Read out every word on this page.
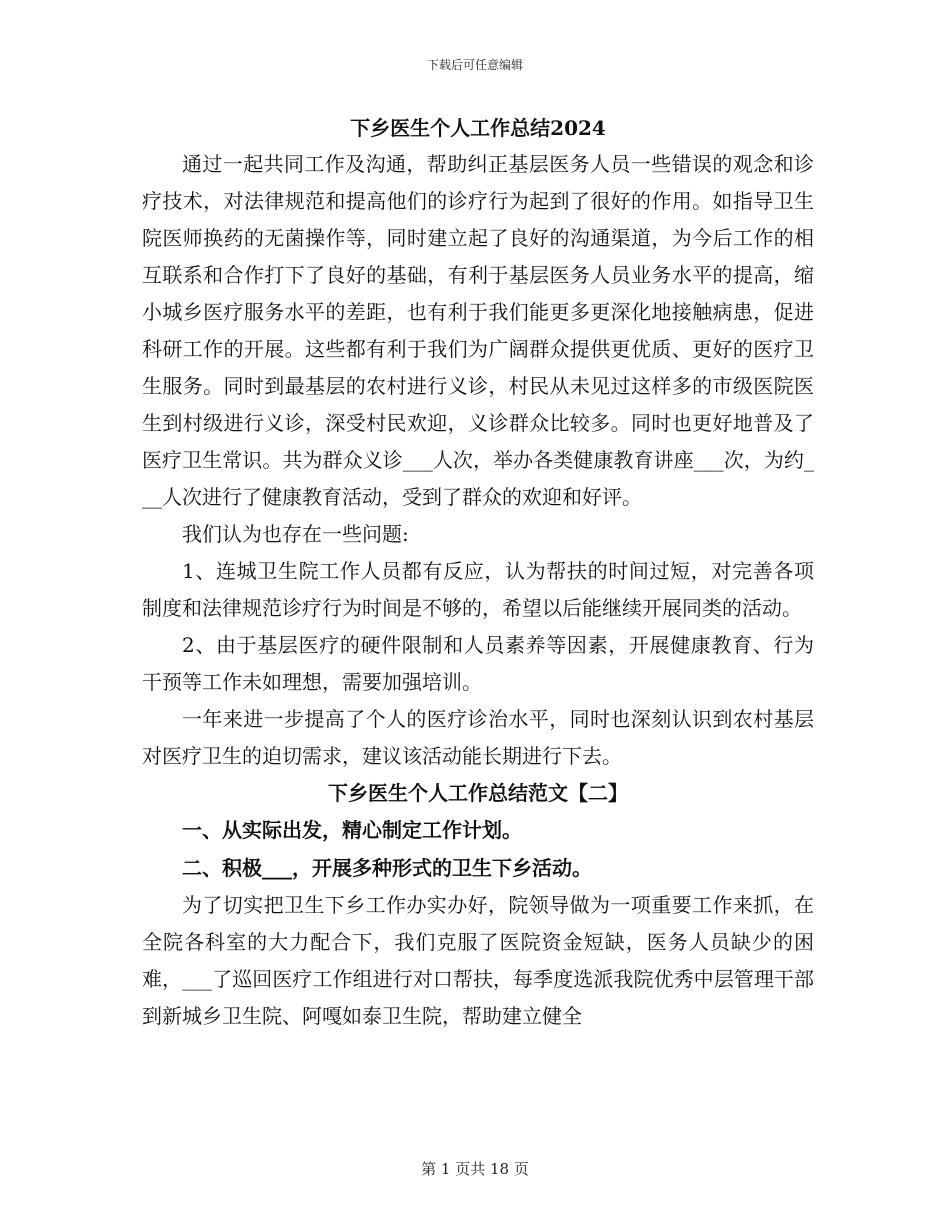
下载后可任意编辑
下乡医生个人工作总结2024

通过一起共同工作及沟通，帮助纠正基层医务人员一些错误的观念和诊疗技术，对法律规范和提高他们的诊疗行为起到了很好的作用。如指导卫生院医师换药的无菌操作等，同时建立起了良好的沟通渠道，为今后工作的相互联系和合作打下了良好的基础，有利于基层医务人员业务水平的提高，缩小城乡医疗服务水平的差距，也有利于我们能更多更深化地接触病患，促进科研工作的开展。这些都有利于我们为广阔群众提供更优质、更好的医疗卫生服务。同时到最基层的农村进行义诊，村民从未见过这样多的市级医院医生到村级进行义诊，深受村民欢迎，义诊群众比较多。同时也更好地普及了医疗卫生常识。共为群众义诊___人次，举办各类健康教育讲座___次，为约___人次进行了健康教育活动，受到了群众的欢迎和好评。

我们认为也存在一些问题:

1、连城卫生院工作人员都有反应，认为帮扶的时间过短，对完善各项制度和法律规范诊疗行为时间是不够的，希望以后能继续开展同类的活动。

2、由于基层医疗的硬件限制和人员素养等因素，开展健康教育、行为干预等工作未如理想，需要加强培训。

一年来进一步提高了个人的医疗诊治水平，同时也深刻认识到农村基层对医疗卫生的迫切需求，建议该活动能长期进行下去。

下乡医生个人工作总结范文【二】

一、从实际出发，精心制定工作计划。

二、积极___，开展多种形式的卫生下乡活动。

为了切实把卫生下乡工作办实办好，院领导做为一项重要工作来抓，在全院各科室的大力配合下，我们克服了医院资金短缺，医务人员缺少的困难，___了巡回医疗工作组进行对口帮扶，每季度选派我院优秀中层管理干部到新城乡卫生院、阿嘎如泰卫生院，帮助建立健全

第 1 页共 18 页
